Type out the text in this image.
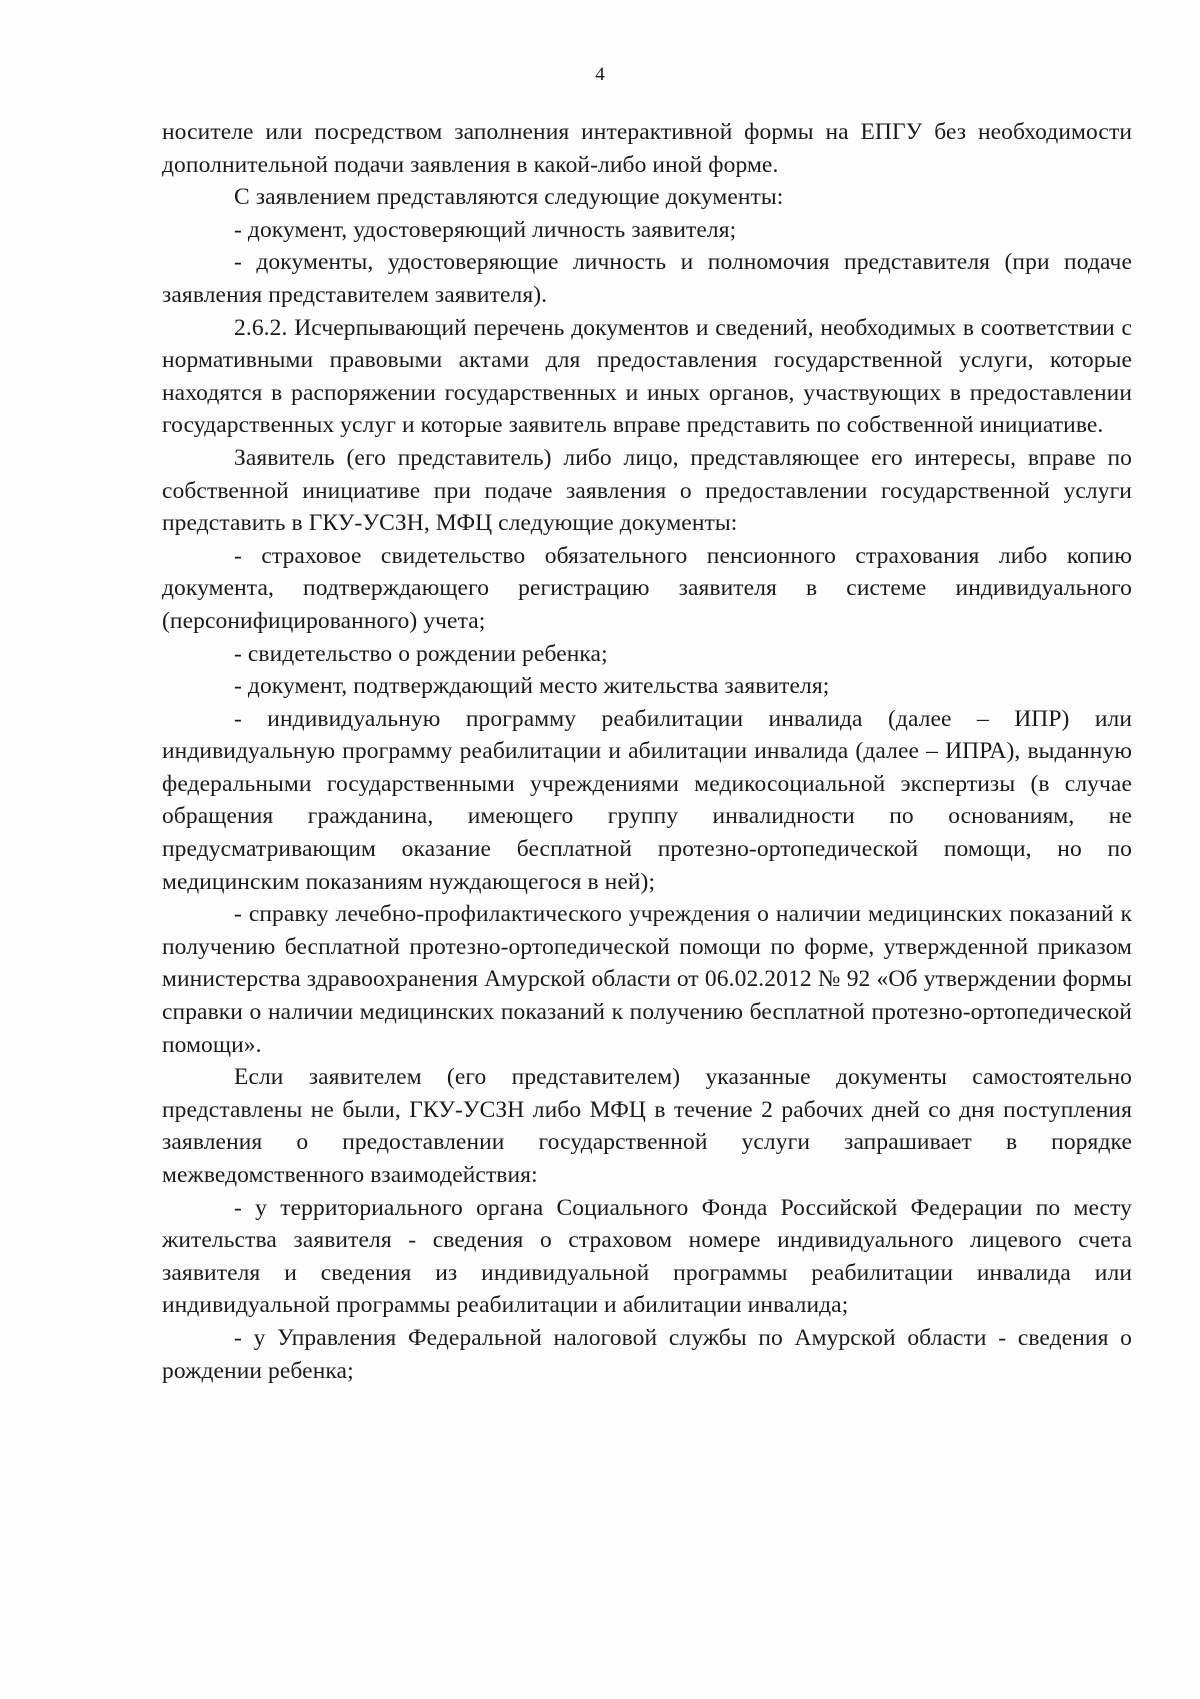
4

носителе или посредством заполнения интерактивной формы на ЕПГУ без необходимости дополнительной подачи заявления в какой-либо иной форме.

С заявлением представляются следующие документы:

- документ, удостоверяющий личность заявителя;

- документы, удостоверяющие личность и полномочия представителя (при подаче заявления представителем заявителя).

2.6.2. Исчерпывающий перечень документов и сведений, необходимых в соответствии с нормативными правовыми актами для предоставления государственной услуги, которые находятся в распоряжении государственных и иных органов, участвующих в предоставлении государственных услуг и которые заявитель вправе представить по собственной инициативе.

Заявитель (его представитель) либо лицо, представляющее его интересы, вправе по собственной инициативе при подаче заявления о предоставлении государственной услуги представить в ГКУ-УСЗН, МФЦ следующие документы:

- страховое свидетельство обязательного пенсионного страхования либо копию документа, подтверждающего регистрацию заявителя в системе индивидуального (персонифицированного) учета;

- свидетельство о рождении ребенка;

- документ, подтверждающий место жительства заявителя;

- индивидуальную программу реабилитации инвалида (далее – ИПР) или индивидуальную программу реабилитации и абилитации инвалида (далее – ИПРА), выданную федеральными государственными учреждениями медикосоциальной экспертизы (в случае обращения гражданина, имеющего группу инвалидности по основаниям, не предусматривающим оказание бесплатной протезно-ортопедической помощи, но по медицинским показаниям нуждающегося в ней);

- справку лечебно-профилактического учреждения о наличии медицинских показаний к получению бесплатной протезно-ортопедической помощи по форме, утвержденной приказом министерства здравоохранения Амурской области от 06.02.2012 № 92 «Об утверждении формы справки о наличии медицинских показаний к получению бесплатной протезно-ортопедической помощи».

Если заявителем (его представителем) указанные документы самостоятельно представлены не были, ГКУ-УСЗН либо МФЦ в течение 2 рабочих дней со дня поступления заявления о предоставлении государственной услуги запрашивает в порядке межведомственного взаимодействия:

- у территориального органа Социального Фонда Российской Федерации по месту жительства заявителя - сведения о страховом номере индивидуального лицевого счета заявителя и сведения из индивидуальной программы реабилитации инвалида или индивидуальной программы реабилитации и абилитации инвалида;

- у Управления Федеральной налоговой службы по Амурской области - сведения о рождении ребенка;
